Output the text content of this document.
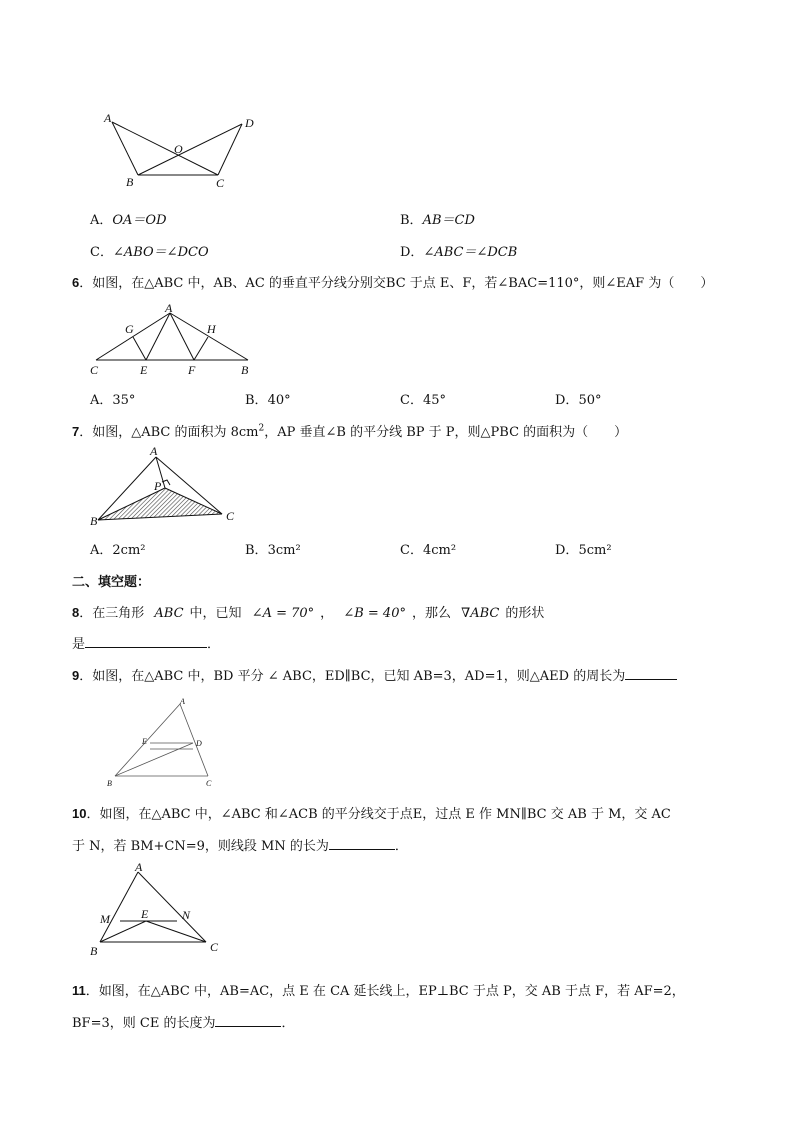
A	D
O
B	C
A．OA＝OD	B．AB＝CD
C．∠ABO＝∠DCO	D．∠ABC＝∠DCB
6．如图，在△ABC 中，AB、AC 的垂直平分线分别交BC 于点 E、F，若∠BAC=110°，则∠EAF 为（　　）
A
G	H
C	E	F	B
A．35°	B．40°	C．45°	D．50°
7．如图，△ABC 的面积为 $8cm^2$，AP 垂直∠B 的平分线 BP 于 P，则△PBC 的面积为（　　）
A
P
B	C
A．2cm²	B．3cm²	C．4cm²	D．5cm²
二、填空题：
8．在三角形 ABC 中，已知 ∠A = 70° ， ∠B = 40° ，那么 ∇ABC 的形状
是	．
9．如图，在△ABC 中，BD 平分 ∠ ABC，ED∥BC，已知 AB=3，AD=1，则△AED 的周长为
A
E	D
B	C
10．如图，在△ABC 中，∠ABC 和∠ACB 的平分线交于点E，过点 E 作 MN∥BC 交 AB 于 M，交 AC
于 N，若 BM+CN=9，则线段 MN 的长为	．
A
M	E	N
B	C
11．如图，在△ABC 中，AB=AC，点 E 在 CA 延长线上，EP⊥BC 于点 P，交 AB 于点 F，若 AF=2，
BF=3，则 CE 的长度为	．
